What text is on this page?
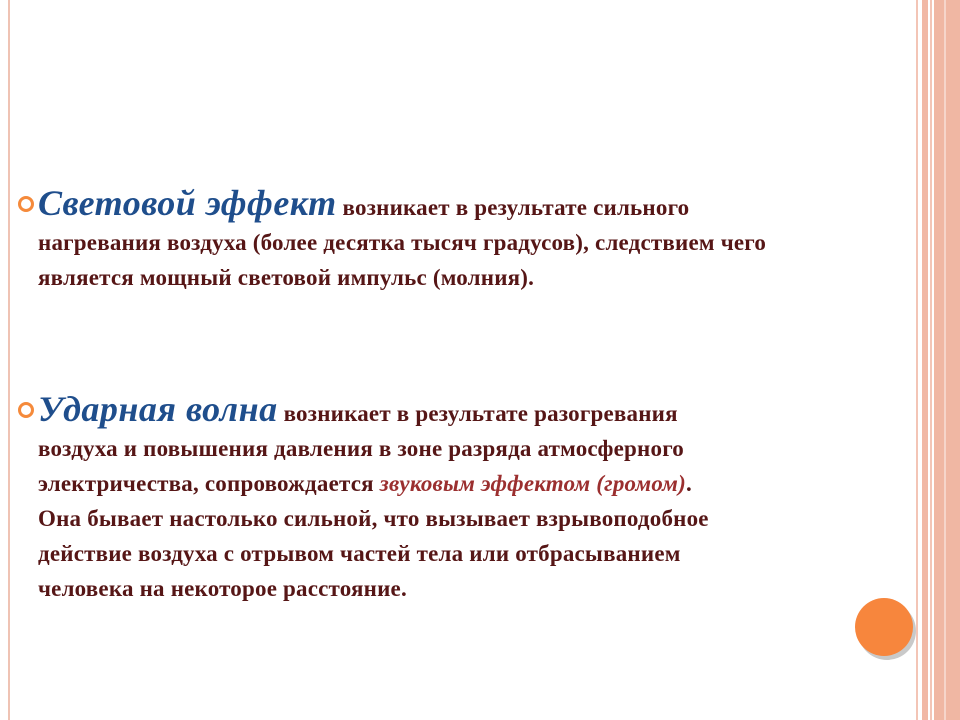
Световой эффект возникает в результате сильного нагревания воздуха (более десятка тысяч градусов), следствием чего является мощный световой импульс (молния).
Ударная волна возникает в результате разогревания воздуха и повышения давления в зоне разряда атмосферного электричества, сопровождается звуковым эффектом (громом). Она бывает настолько сильной, что вызывает взрывоподобное действие воздуха с отрывом частей тела или отбрасыванием человека на некоторое расстояние.
